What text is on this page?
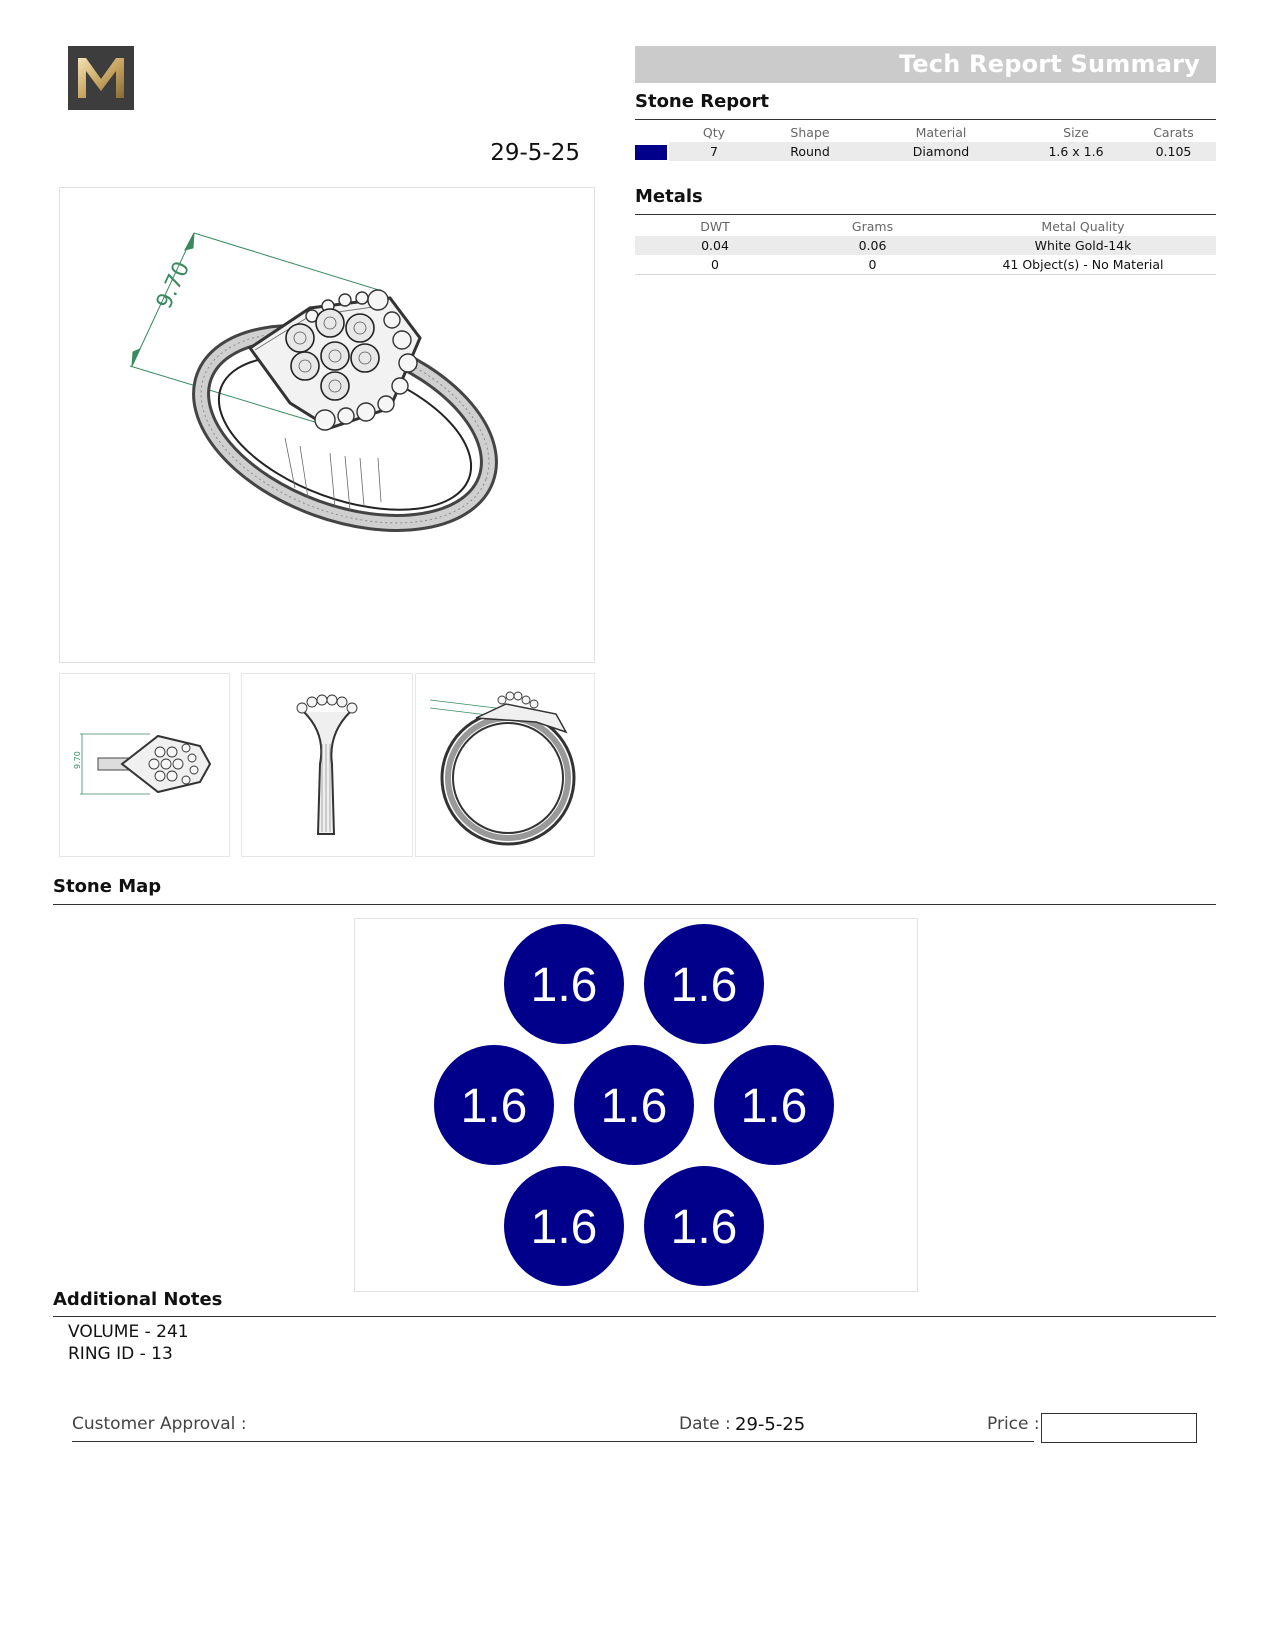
29-5-25
9.70
9.70
Tech Report Summary
Stone Report
	Qty	Shape	Material	Size	Carats
	7	Round	Diamond	1.6 x 1.6	0.105
Metals
DWT	Grams	Metal Quality
0.04	0.06	White Gold-14k
0	0	41 Object(s) - No Material
Stone Map
1.6 1.6
1.6 1.6 1.6
1.6 1.6
Additional Notes
VOLUME - 241
RING ID - 13
Customer Approval :	Date : 29-5-25	Price :
